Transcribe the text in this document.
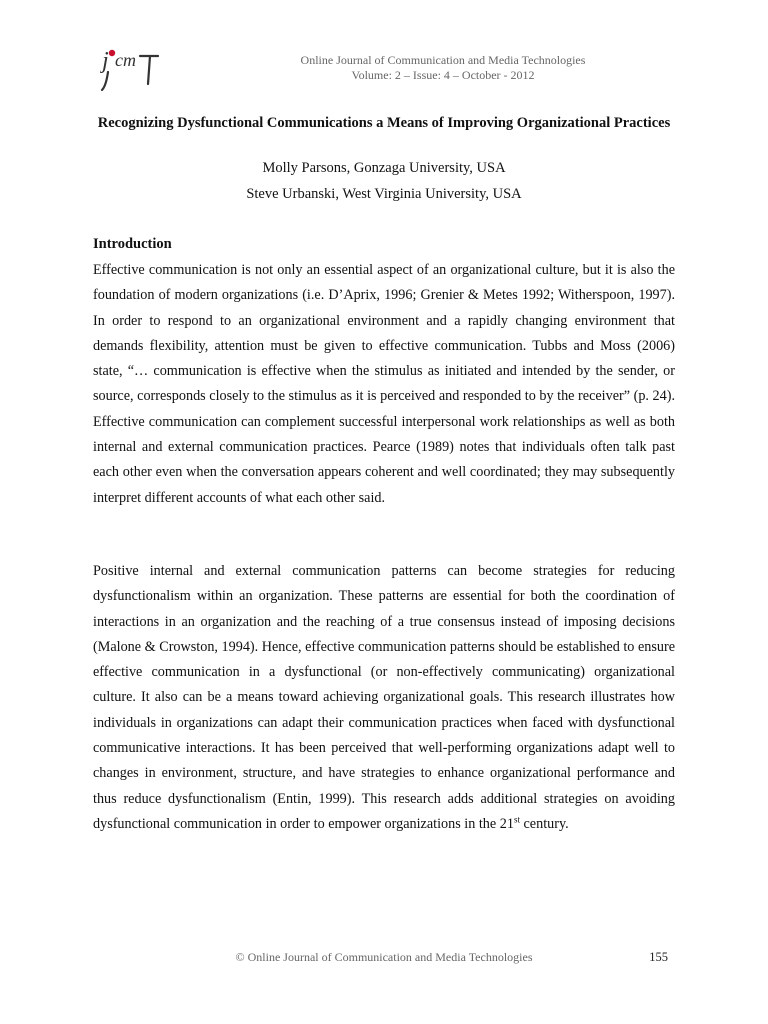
j cm	Online Journal of Communication and Media Technologies
Volume: 2 – Issue: 4 – October - 2012
Recognizing Dysfunctional Communications a Means of Improving Organizational Practices
Molly Parsons, Gonzaga University, USA
Steve Urbanski, West Virginia University, USA
Introduction
Effective communication is not only an essential aspect of an organizational culture, but it is also the foundation of modern organizations (i.e. D’Aprix, 1996; Grenier & Metes 1992; Witherspoon, 1997). In order to respond to an organizational environment and a rapidly changing environment that demands flexibility, attention must be given to effective communication. Tubbs and Moss (2006) state, “… communication is effective when the stimulus as initiated and intended by the sender, or source, corresponds closely to the stimulus as it is perceived and responded to by the receiver” (p. 24). Effective communication can complement successful interpersonal work relationships as well as both internal and external communication practices. Pearce (1989) notes that individuals often talk past each other even when the conversation appears coherent and well coordinated; they may subsequently interpret different accounts of what each other said.
Positive internal and external communication patterns can become strategies for reducing dysfunctionalism within an organization. These patterns are essential for both the coordination of interactions in an organization and the reaching of a true consensus instead of imposing decisions (Malone & Crowston, 1994). Hence, effective communication patterns should be established to ensure effective communication in a dysfunctional (or non-effectively communicating) organizational culture. It also can be a means toward achieving organizational goals. This research illustrates how individuals in organizations can adapt their communication practices when faced with dysfunctional communicative interactions. It has been perceived that well-performing organizations adapt well to changes in environment, structure, and have strategies to enhance organizational performance and thus reduce dysfunctionalism (Entin, 1999). This research adds additional strategies on avoiding dysfunctional communication in order to empower organizations in the 21st century.
© Online Journal of Communication and Media Technologies	155
